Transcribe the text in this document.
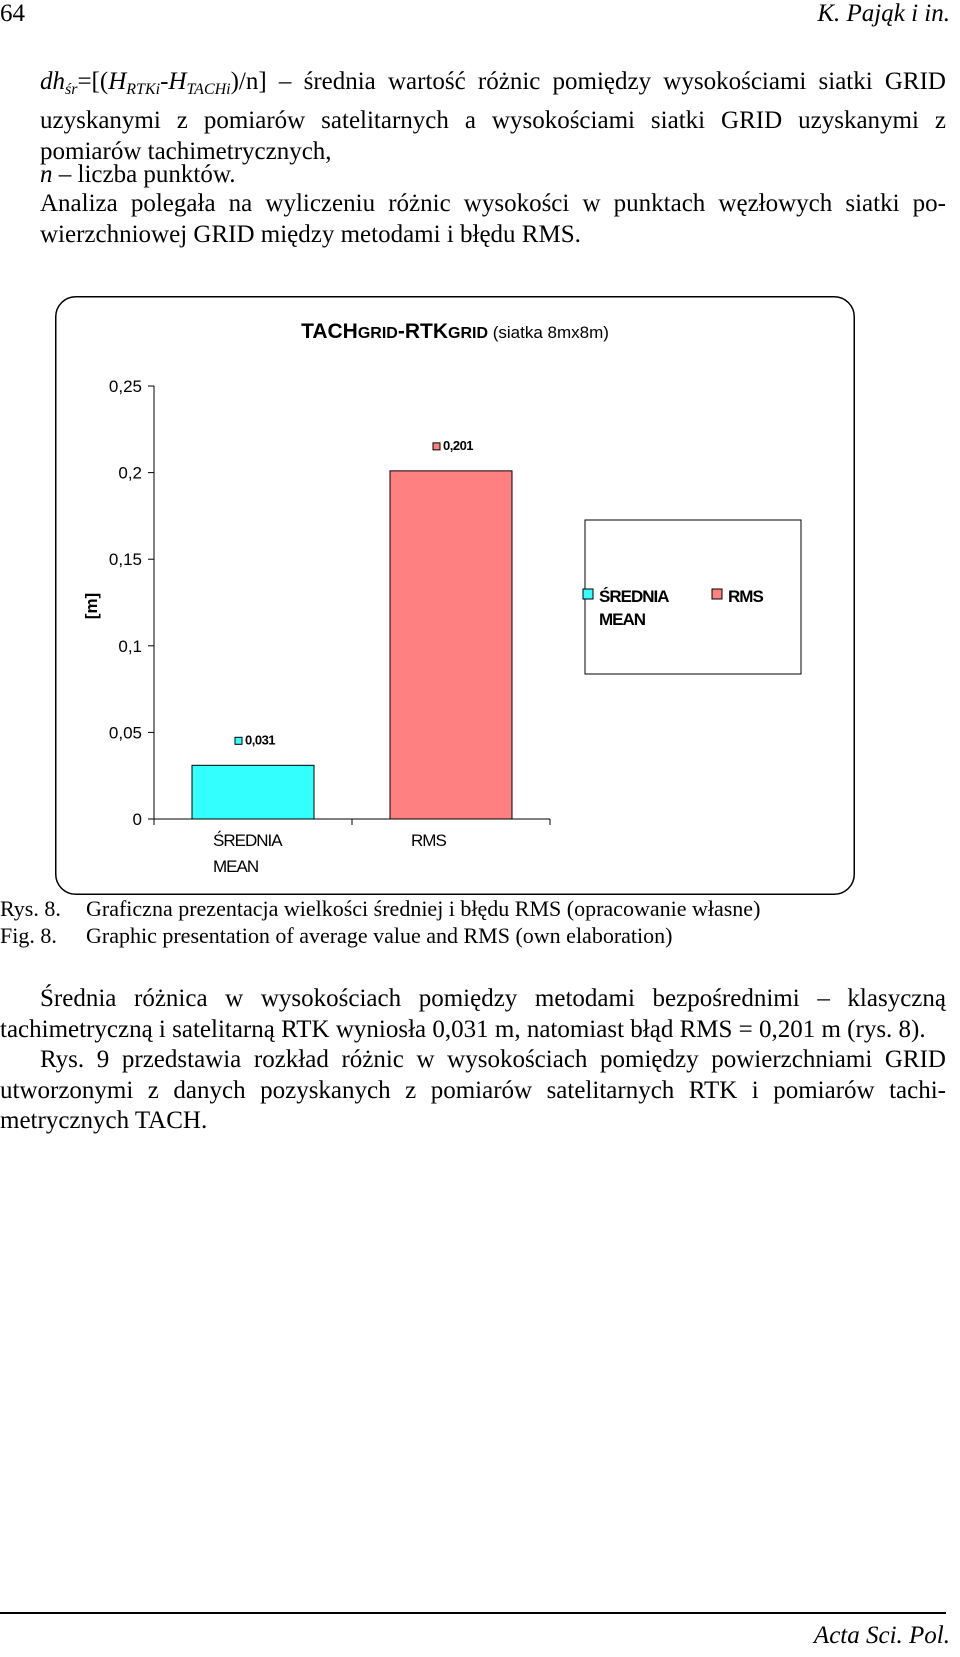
64	K. Pająk i in.
$dh_{śr}=[(H_{RTKi}-H_{TACHi})/n]$ – średnia wartość różnic pomiędzy wysokościami siatki GRID uzyskanymi z pomiarów satelitarnych a wysokościami siatki GRID uzyskanymi z pomiarów tachimetrycznych,
n – liczba punktów.
Analiza polegała na wyliczeniu różnic wysokości w punktach węzłowych siatki powierzchniowej GRID między metodami i błędu RMS.
TACHGRID-RTKGRID (siatka 8mx8m)
[m]
0
0,05
0,1
0,15
0,2
0,25
0,031
ŚREDNIA
MEAN
0,201
RMS
ŚREDNIA
MEAN
RMS
Rys. 8. Graficzna prezentacja wielkości średniej i błędu RMS (opracowanie własne)
Fig. 8. Graphic presentation of average value and RMS (own elaboration)

Średnia różnica w wysokościach pomiędzy metodami bezpośrednimi – klasyczną tachimetryczną i satelitarną RTK wyniosła 0,031 m, natomiast błąd RMS = 0,201 m (rys. 8).

Rys. 9 przedstawia rozkład różnic w wysokościach pomiędzy powierzchniami GRID utworzonymi z danych pozyskanych z pomiarów satelitarnych RTK i pomiarów tachimetrycznych TACH.

Acta Sci. Pol.
